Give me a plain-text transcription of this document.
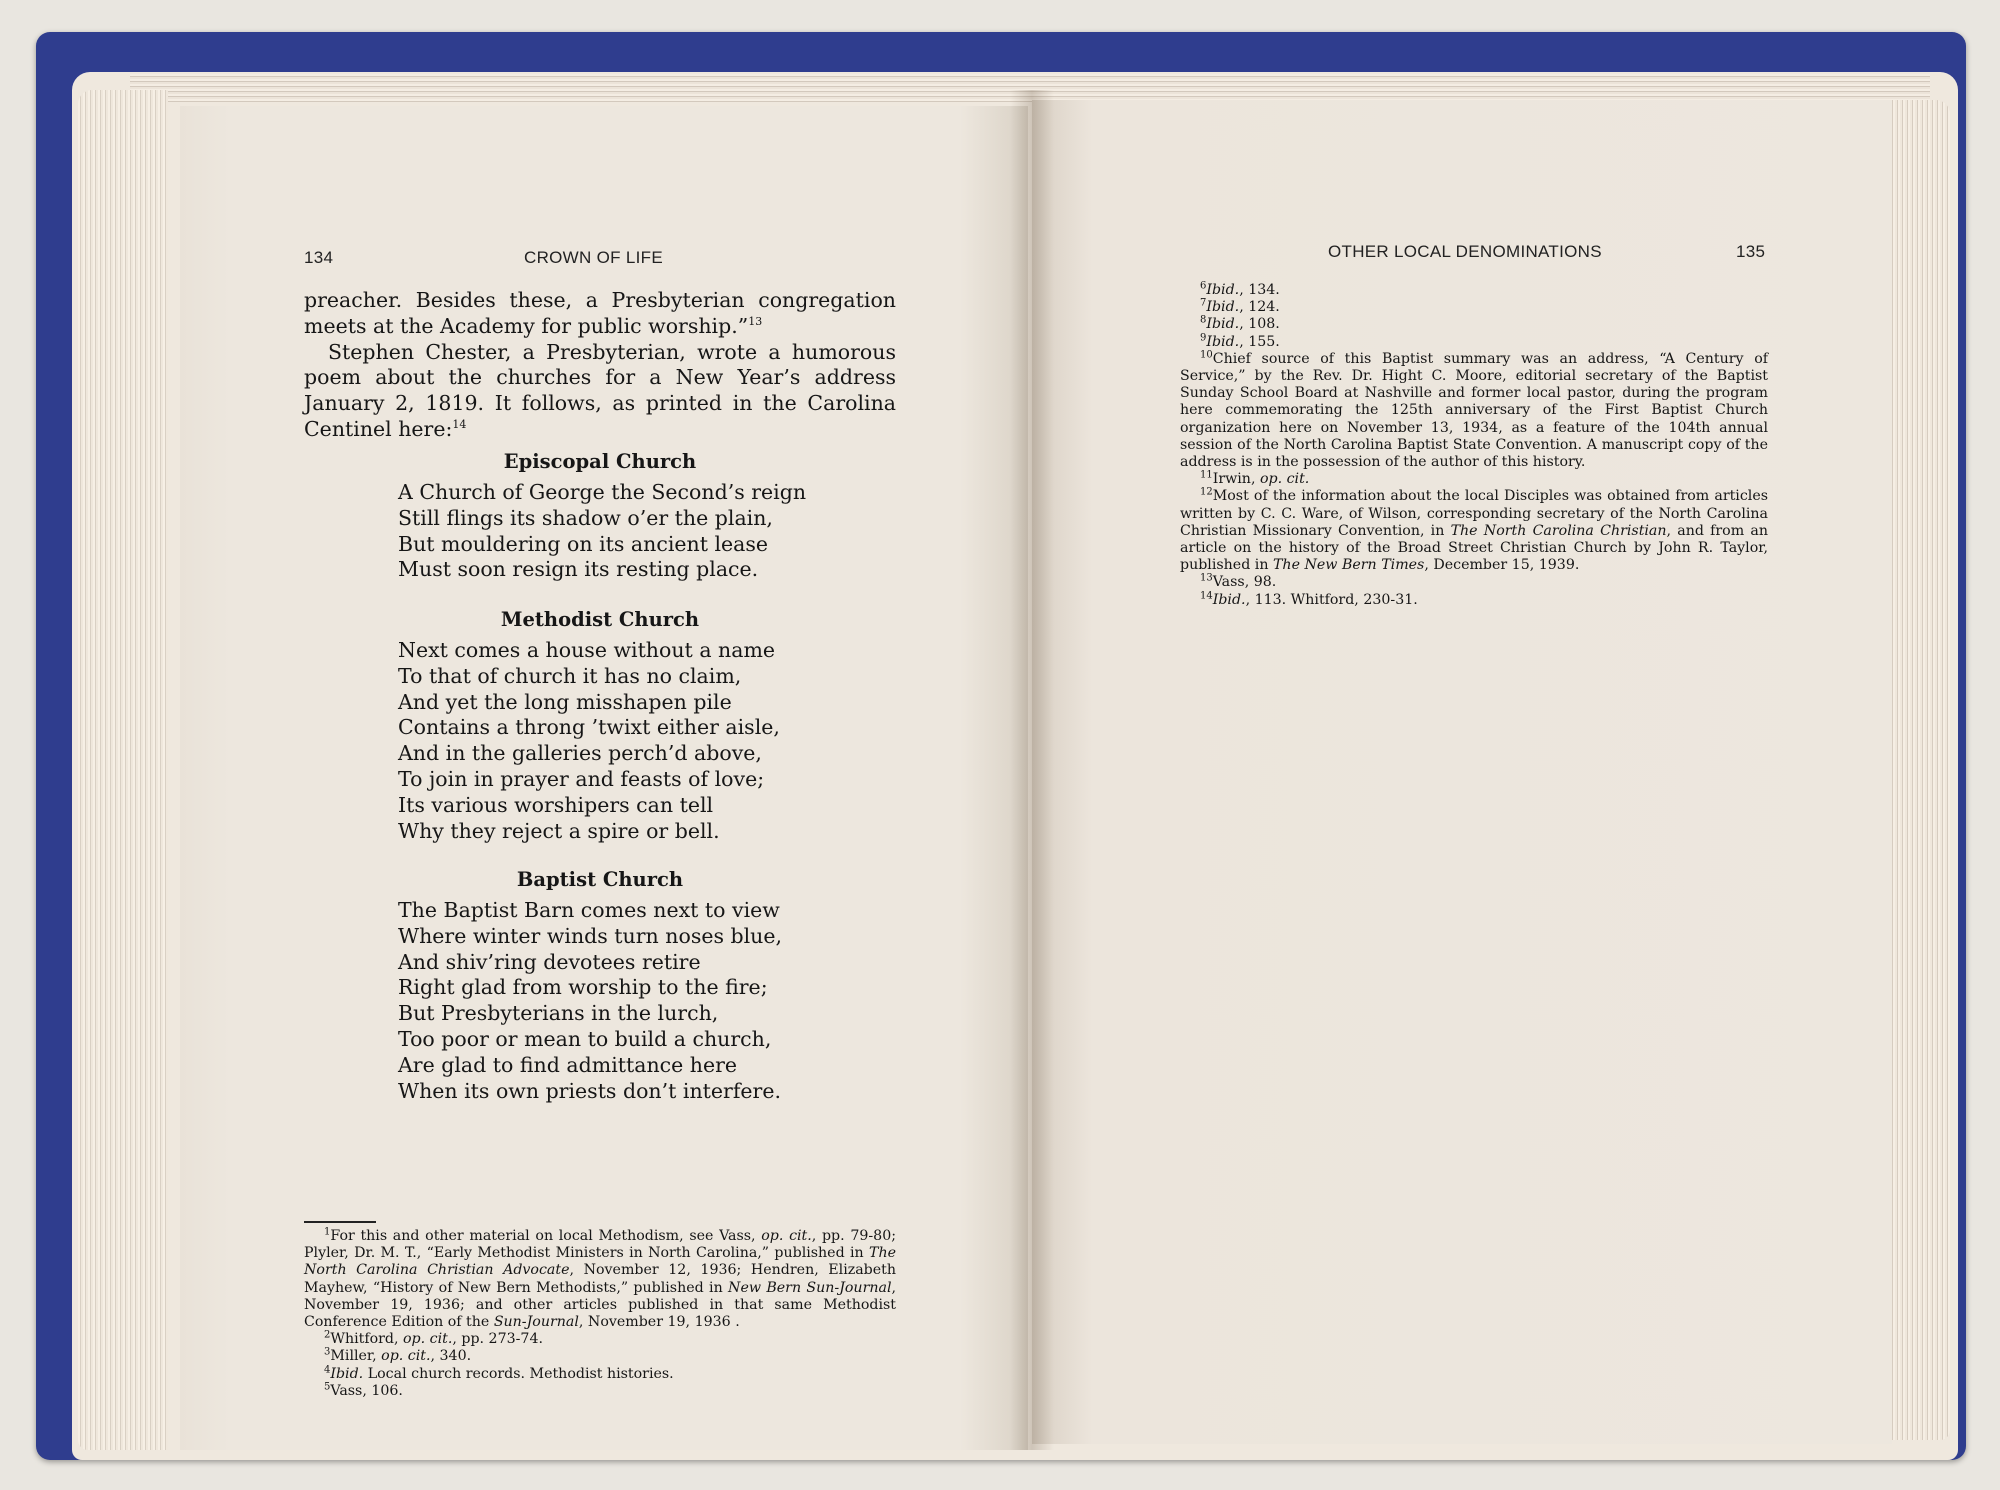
134	CROWN OF LIFE

preacher. Besides these, a Presbyterian congregation meets at the Academy for public worship.”$^{13}$

Stephen Chester, a Presbyterian, wrote a humorous poem about the churches for a New Year’s address January 2, 1819. It follows, as printed in the Carolina Centinel here:$^{14}$

Episcopal Church
A Church of George the Second’s reign
Still flings its shadow o’er the plain,
But mouldering on its ancient lease
Must soon resign its resting place.
Methodist Church
Next comes a house without a name
To that of church it has no claim,
And yet the long misshapen pile
Contains a throng ’twixt either aisle,
And in the galleries perch’d above,
To join in prayer and feasts of love;
Its various worshipers can tell
Why they reject a spire or bell.
Baptist Church
The Baptist Barn comes next to view
Where winter winds turn noses blue,
And shiv’ring devotees retire
Right glad from worship to the fire;
But Presbyterians in the lurch,
Too poor or mean to build a church,
Are glad to find admittance here
When its own priests don’t interfere.

$^1$For this and other material on local Methodism, see Vass, op. cit., pp. 79-80; Plyler, Dr. M. T., “Early Methodist Ministers in North Carolina,” published in The North Carolina Christian Advocate, November 12, 1936; Hendren, Elizabeth Mayhew, “History of New Bern Methodists,” published in New Bern Sun-Journal, November 19, 1936; and other articles published in that same Methodist Conference Edition of the Sun-Journal, November 19, 1936 .

$^2$Whitford, op. cit., pp. 273-74.

$^3$Miller, op. cit., 340.

$^4$Ibid. Local church records. Methodist histories.

$^5$Vass, 106.

OTHER LOCAL DENOMINATIONS	135

$^6$Ibid., 134.

$^7$Ibid., 124.

$^8$Ibid., 108.

$^9$Ibid., 155.

$^{10}$Chief source of this Baptist summary was an address, “A Century of Service,” by the Rev. Dr. Hight C. Moore, editorial secretary of the Baptist Sunday School Board at Nashville and former local pastor, during the program here commemorating the 125th anniversary of the First Baptist Church organization here on November 13, 1934, as a feature of the 104th annual session of the North Carolina Baptist State Convention. A manuscript copy of the address is in the possession of the author of this history.

$^{11}$Irwin, op. cit.

$^{12}$Most of the information about the local Disciples was obtained from articles written by C. C. Ware, of Wilson, corresponding secretary of the North Carolina Christian Missionary Convention, in The North Carolina Christian, and from an article on the history of the Broad Street Christian Church by John R. Taylor, published in The New Bern Times, December 15, 1939.

$^{13}$Vass, 98.

$^{14}$Ibid., 113. Whitford, 230-31.
